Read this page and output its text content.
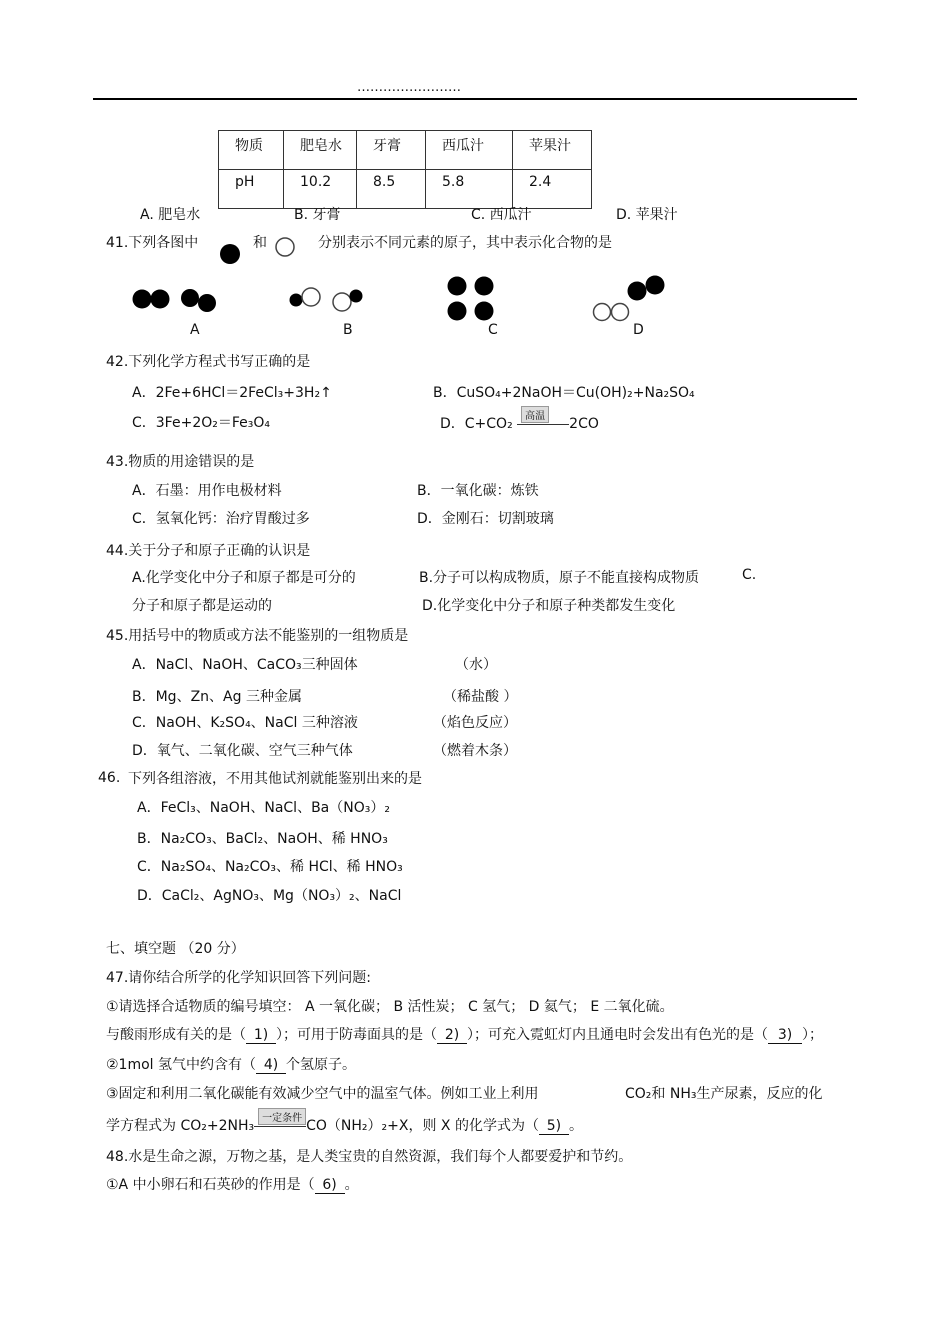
……………………
物质	肥皂水	牙膏	西瓜汁	苹果汁
pH	10.2	8.5	5.8	2.4
A. 肥皂水	B. 牙膏	C. 西瓜汁	D. 苹果汁
41.下列各图中	和	分别表示不同元素的原子，其中表示化合物的是
A	B	C	D
42.下列化学方程式书写正确的是
A．2Fe+6HCl＝2FeCl₃+3H₂↑	B．CuSO₄+2NaOH＝Cu(OH)₂+Na₂SO₄
C．3Fe+2O₂＝Fe₃O₄	D．C+CO₂	高温 2CO
43.物质的用途错误的是
A．石墨：用作电极材料	B．一氧化碳：炼铁
C．氢氧化钙：治疗胃酸过多	D．金刚石：切割玻璃
44.关于分子和原子正确的认识是
A.化学变化中分子和原子都是可分的	B.分子可以构成物质，原子不能直接构成物质	C.
分子和原子都是运动的	D.化学变化中分子和原子种类都发生变化
45.用括号中的物质或方法不能鉴别的一组物质是
A．NaCl、NaOH、CaCO₃三种固体	（水）
B．Mg、Zn、Ag 三种金属	（稀盐酸 ）
C．NaOH、K₂SO₄、NaCl 三种溶液	（焰色反应）
D．氧气、二氧化碳、空气三种气体	（燃着木条）
46. 下列各组溶液，不用其他试剂就能鉴别出来的是
A．FeCl₃、NaOH、NaCl、Ba（NO₃）₂
B．Na₂CO₃、BaCl₂、NaOH、稀 HNO₃
C．Na₂SO₄、Na₂CO₃、稀 HCl、稀 HNO₃
D．CaCl₂、AgNO₃、Mg（NO₃）₂、NaCl
七、填空题 （20 分）
47.请你结合所学的化学知识回答下列问题:
①请选择合适物质的编号填空： A 一氧化碳； B 活性炭； C 氢气； D 氦气； E 二氧化硫。
与酸雨形成有关的是（ 1) ）；可用于防毒面具的是（ 2) ）；可充入霓虹灯内且通电时会发出有色光的是（ 3) ）；
②1mol 氢气中约含有（ 4) 个氢原子。
③固定和利用二氧化碳能有效减少空气中的温室气体。例如工业上利用	CO₂和 NH₃生产尿素，反应的化
学方程式为 CO₂+2NH₃ 一定条件 CO（NH₂）₂+X，则 X 的化学式为（ 5) 。
48.水是生命之源，万物之基，是人类宝贵的自然资源，我们每个人都要爱护和节约。
①A 中小卵石和石英砂的作用是（ 6) 。
